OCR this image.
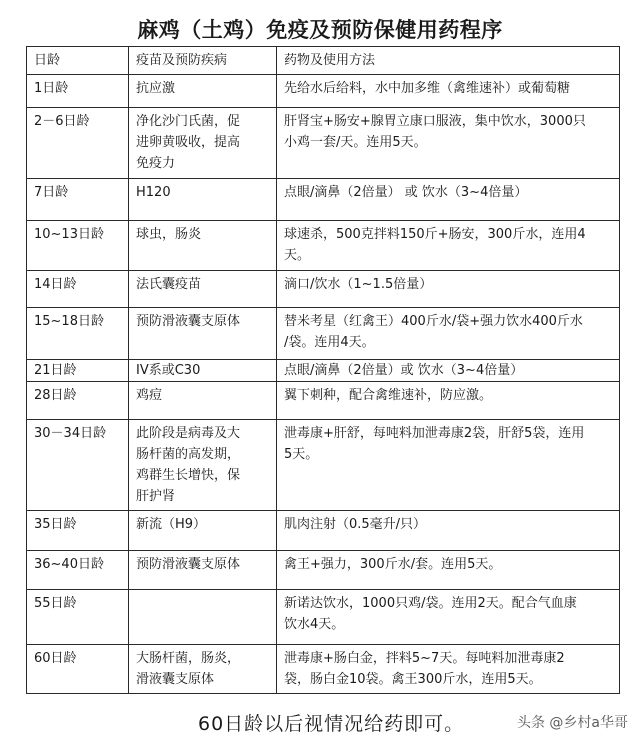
麻鸡（土鸡）免疫及预防保健用药程序
日龄	疫苗及预防疾病	药物及使用方法
1日龄	抗应激	先给水后给料，水中加多维（禽维速补）或葡萄糖
2－6日龄	净化沙门氏菌，促
进卵黄吸收，提高
免疫力	肝肾宝+肠安+腺胃立康口服液，集中饮水，3000只
小鸡一套/天。连用5天。
7日龄	H120	点眼/滴鼻（2倍量） 或 饮水（3~4倍量）
10~13日龄	球虫，肠炎	球速杀，500克拌料150斤+肠安，300斤水，连用4
天。
14日龄	法氏囊疫苗	滴口/饮水（1~1.5倍量）
15~18日龄	预防滑液囊支原体	替米考星（红禽王）400斤水/袋+强力饮水400斤水
/袋。连用4天。
21日龄	IV系或C30	点眼/滴鼻（2倍量）或 饮水（3~4倍量）
28日龄	鸡痘	翼下刺种，配合禽维速补，防应激。
30－34日龄	此阶段是病毒及大
肠杆菌的高发期，
鸡群生长增快，保
肝护肾	泄毒康+肝舒，每吨料加泄毒康2袋，肝舒5袋，连用
5天。
35日龄	新流（H9）	肌肉注射（0.5毫升/只）
36~40日龄	预防滑液囊支原体	禽王+强力，300斤水/套。连用5天。
55日龄		新诺达饮水，1000只鸡/袋。连用2天。配合气血康
饮水4天。
60日龄	大肠杆菌，肠炎，
滑液囊支原体	泄毒康+肠白金，拌料5~7天。每吨料加泄毒康2
袋，肠白金10袋。禽王300斤水，连用5天。
60日龄以后视情况给药即可。	头条 @乡村a华哥
